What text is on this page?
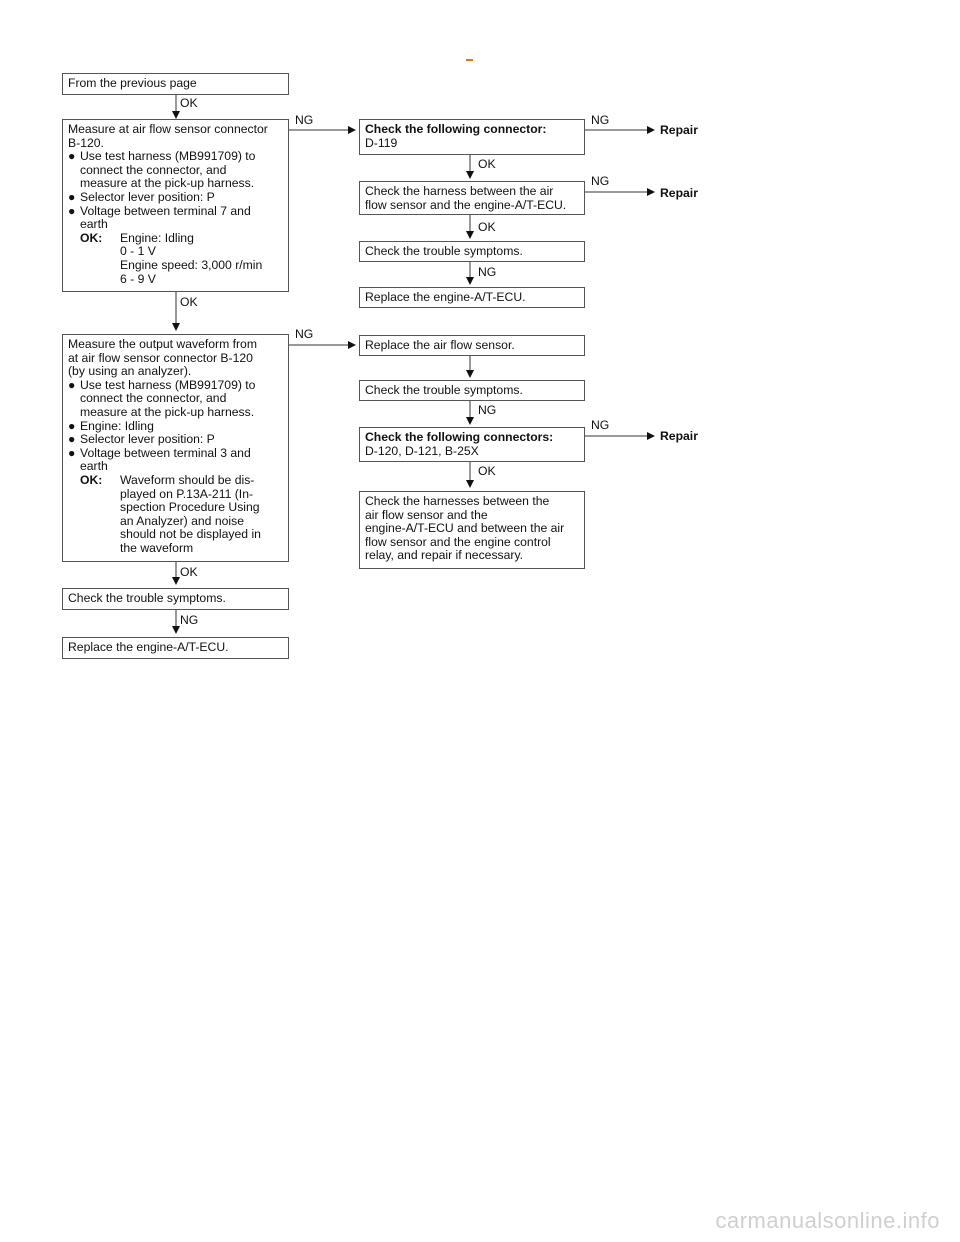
From the previous page
OK
Measure at air flow sensor connector
B-120.
● Use test harness (MB991709) to
connect the connector, and
measure at the pick-up harness.
● Selector lever position: P
● Voltage between terminal 7 and
earth
OK:	Engine: Idling
0 - 1 V
Engine speed: 3,000 r/min
6 - 9 V
OK
NG
Measure the output waveform from
at air flow sensor connector B-120
(by using an analyzer).
● Use test harness (MB991709) to
connect the connector, and
measure at the pick-up harness.
● Engine: Idling
● Selector lever position: P
● Voltage between terminal 3 and
earth
OK:	Waveform should be dis-
played on P.13A-211 (In-
spection Procedure Using
an Analyzer) and noise
should not be displayed in
the waveform
OK
NG
Check the trouble symptoms.
NG
Replace the engine-A/T-ECU.
Check the following connector:
D-119
NG
Repair
OK
Check the harness between the air
flow sensor and the engine-A/T-ECU.
NG
Repair
OK
Check the trouble symptoms.
NG
Replace the engine-A/T-ECU.
Replace the air flow sensor.
Check the trouble symptoms.
NG
Check the following connectors:
D-120, D-121, B-25X
NG
Repair
OK
Check the harnesses between the
air flow sensor and the
engine-A/T-ECU and between the air
flow sensor and the engine control
relay, and repair if necessary.
carmanualsonline.info
